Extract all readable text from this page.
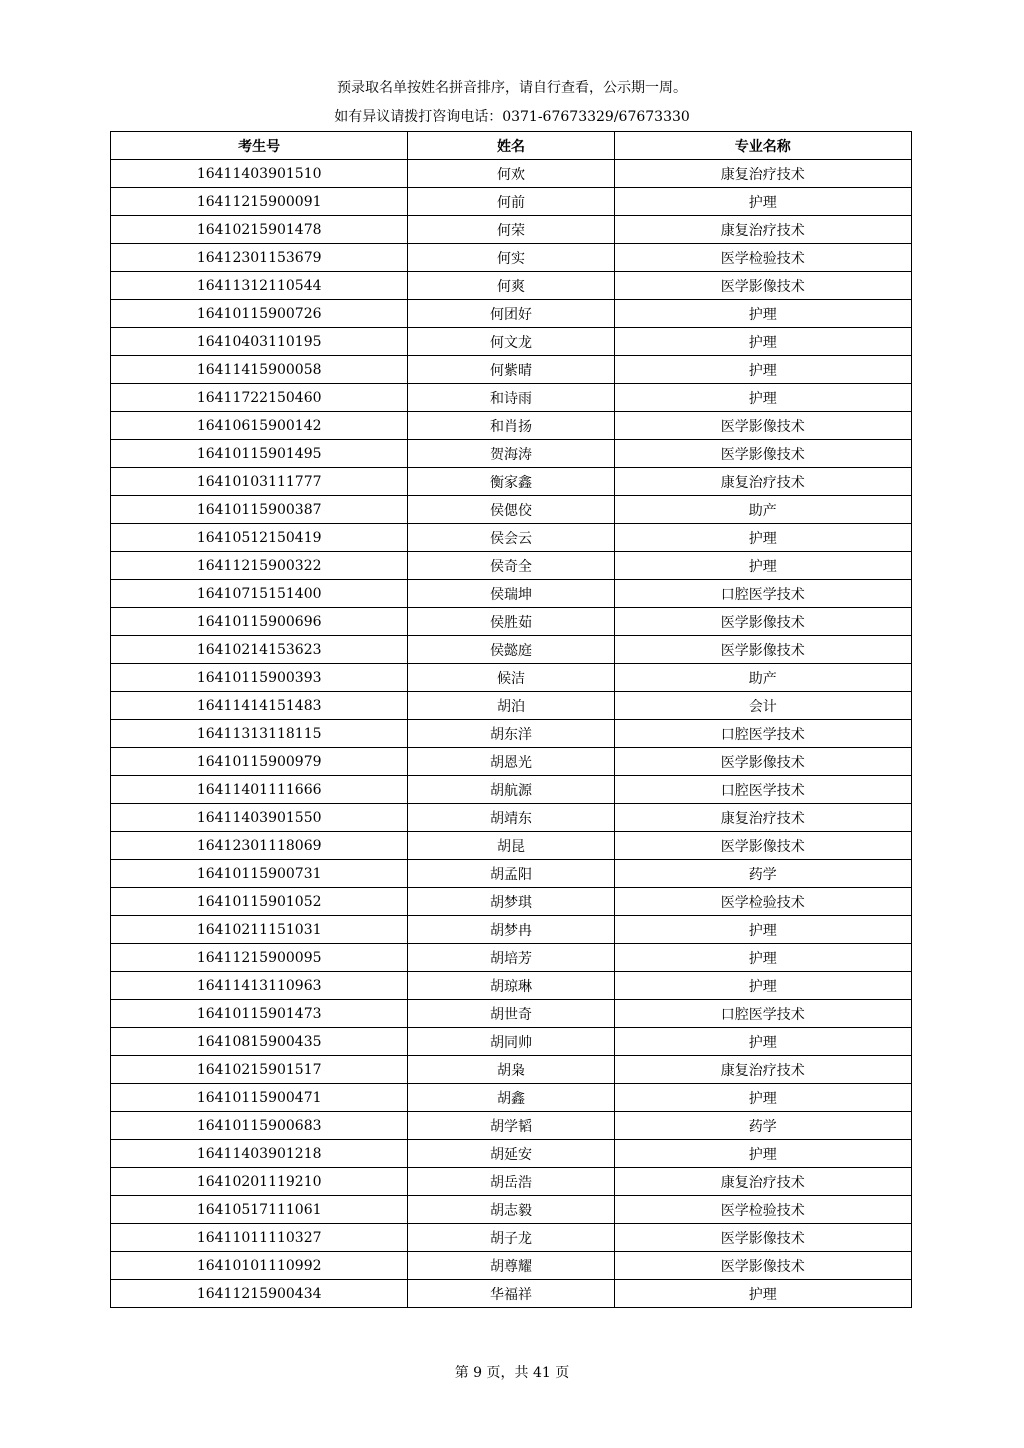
预录取名单按姓名拼音排序，请自行查看，公示期一周。
如有异议请拨打咨询电话：0371-67673329/67673330
考生号	姓名	专业名称
16411403901510	何欢	康复治疗技术
16411215900091	何前	护理
16410215901478	何荣	康复治疗技术
16412301153679	何实	医学检验技术
16411312110544	何爽	医学影像技术
16410115900726	何团好	护理
16410403110195	何文龙	护理
16411415900058	何紫晴	护理
16411722150460	和诗雨	护理
16410615900142	和肖扬	医学影像技术
16410115901495	贺海涛	医学影像技术
16410103111777	衡家鑫	康复治疗技术
16410115900387	侯偲佼	助产
16410512150419	侯会云	护理
16411215900322	侯奇全	护理
16410715151400	侯瑞坤	口腔医学技术
16410115900696	侯胜茹	医学影像技术
16410214153623	侯懿庭	医学影像技术
16410115900393	候洁	助产
16411414151483	胡泊	会计
16411313118115	胡东洋	口腔医学技术
16410115900979	胡恩光	医学影像技术
16411401111666	胡航源	口腔医学技术
16411403901550	胡靖东	康复治疗技术
16412301118069	胡昆	医学影像技术
16410115900731	胡孟阳	药学
16410115901052	胡梦琪	医学检验技术
16410211151031	胡梦冉	护理
16411215900095	胡培芳	护理
16411413110963	胡琼琳	护理
16410115901473	胡世奇	口腔医学技术
16410815900435	胡同帅	护理
16410215901517	胡枭	康复治疗技术
16410115900471	胡鑫	护理
16410115900683	胡学韬	药学
16411403901218	胡延安	护理
16410201119210	胡岳浩	康复治疗技术
16410517111061	胡志毅	医学检验技术
16411011110327	胡子龙	医学影像技术
16410101110992	胡尊耀	医学影像技术
16411215900434	华福祥	护理
第 9 页，共 41 页
